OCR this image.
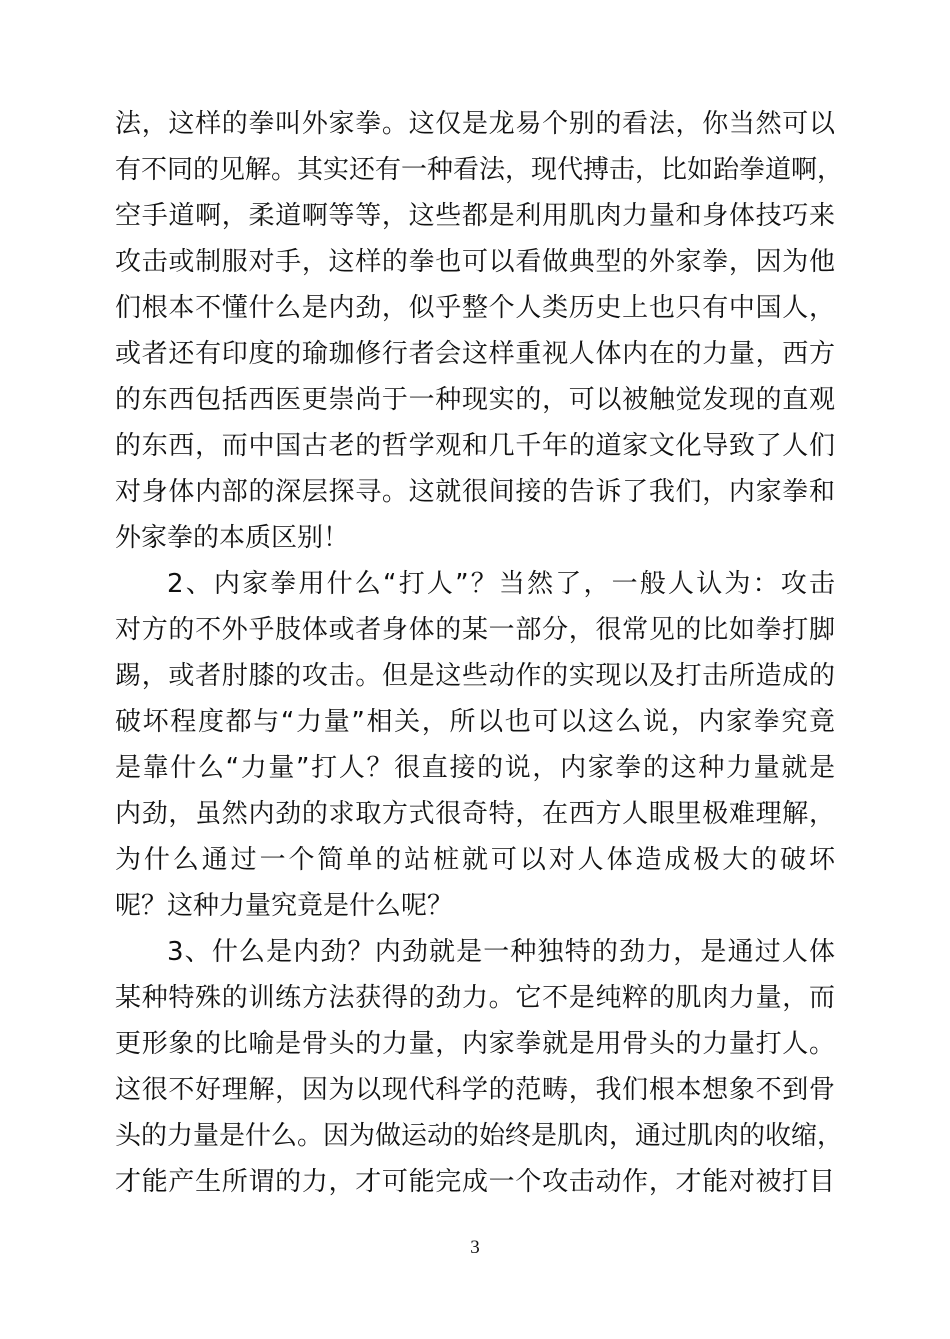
法，这样的拳叫外家拳。这仅是龙易个别的看法，你当然可以
有不同的见解。其实还有一种看法，现代搏击，比如跆拳道啊，
空手道啊，柔道啊等等，这些都是利用肌肉力量和身体技巧来
攻击或制服对手，这样的拳也可以看做典型的外家拳，因为他
们根本不懂什么是内劲，似乎整个人类历史上也只有中国人，
或者还有印度的瑜珈修行者会这样重视人体内在的力量，西方
的东西包括西医更崇尚于一种现实的，可以被触觉发现的直观
的东西，而中国古老的哲学观和几千年的道家文化导致了人们
对身体内部的深层探寻。这就很间接的告诉了我们，内家拳和
外家拳的本质区别！
2、内家拳用什么“打人”？当然了，一般人认为：攻击
对方的不外乎肢体或者身体的某一部分，很常见的比如拳打脚
踢，或者肘膝的攻击。但是这些动作的实现以及打击所造成的
破坏程度都与“力量”相关，所以也可以这么说，内家拳究竟
是靠什么“力量”打人？很直接的说，内家拳的这种力量就是
内劲，虽然内劲的求取方式很奇特，在西方人眼里极难理解，
为什么通过一个简单的站桩就可以对人体造成极大的破坏
呢？这种力量究竟是什么呢？
3、什么是内劲？内劲就是一种独特的劲力，是通过人体
某种特殊的训练方法获得的劲力。它不是纯粹的肌肉力量，而
更形象的比喻是骨头的力量，内家拳就是用骨头的力量打人。
这很不好理解，因为以现代科学的范畴，我们根本想象不到骨
头的力量是什么。因为做运动的始终是肌肉，通过肌肉的收缩，
才能产生所谓的力，才可能完成一个攻击动作，才能对被打目
3
